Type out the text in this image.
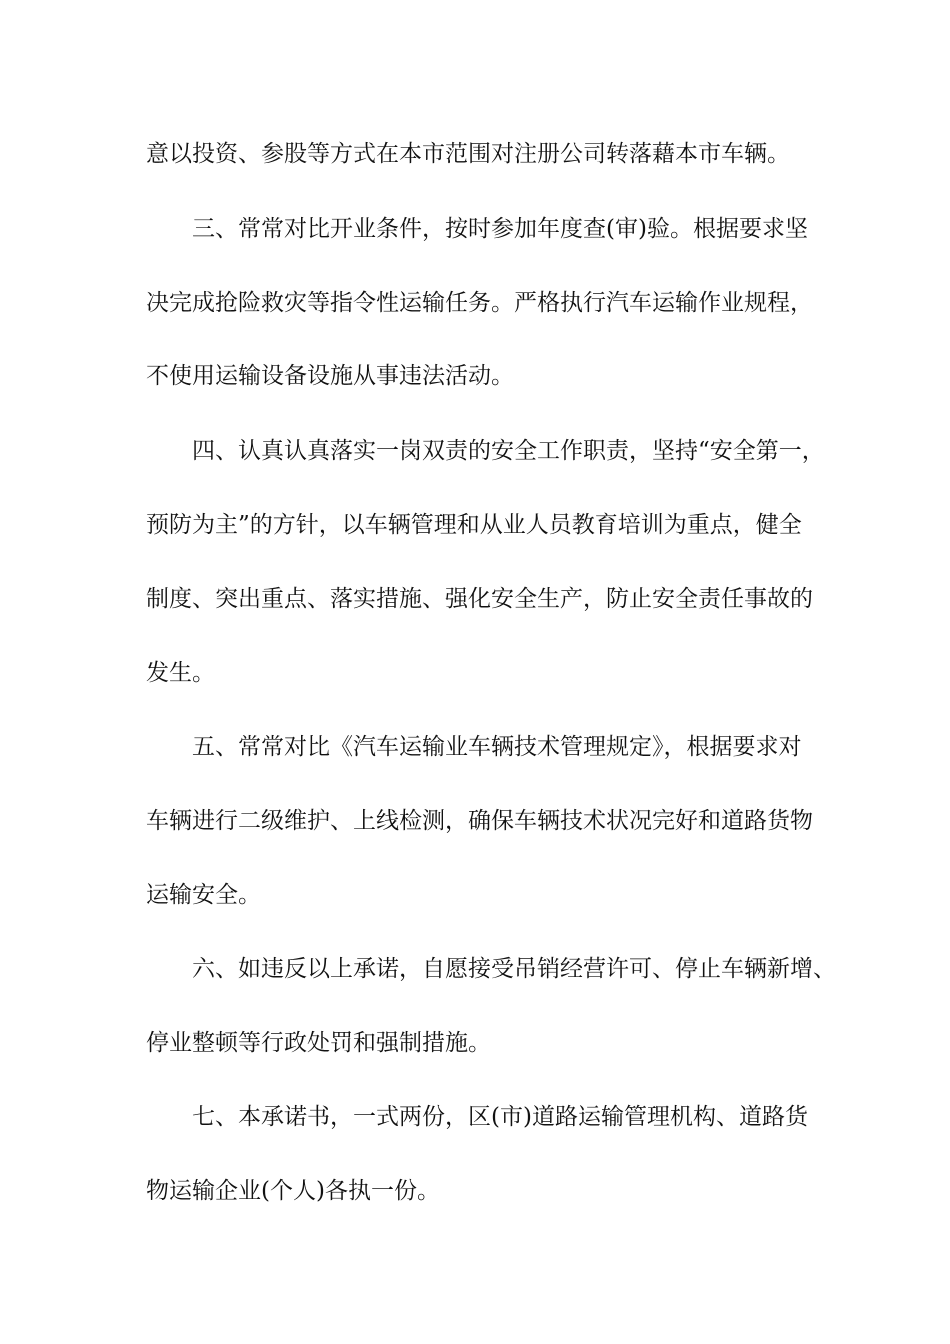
意以投资、参股等方式在本市范围对注册公司转落藉本市车辆。
三、常常对比开业条件，按时参加年度查(审)验。根据要求坚
决完成抢险救灾等指令性运输任务。严格执行汽车运输作业规程，
不使用运输设备设施从事违法活动。
四、认真认真落实一岗双责的安全工作职责，坚持“安全第一，
预防为主”的方针，以车辆管理和从业人员教育培训为重点，健全
制度、突出重点、落实措施、强化安全生产，防止安全责任事故的
发生。
五、常常对比《汽车运输业车辆技术管理规定》，根据要求对
车辆进行二级维护、上线检测，确保车辆技术状况完好和道路货物
运输安全。
六、如违反以上承诺，自愿接受吊销经营许可、停止车辆新增、
停业整顿等行政处罚和强制措施。
七、本承诺书，一式两份，区(市)道路运输管理机构、道路货
物运输企业(个人)各执一份。
